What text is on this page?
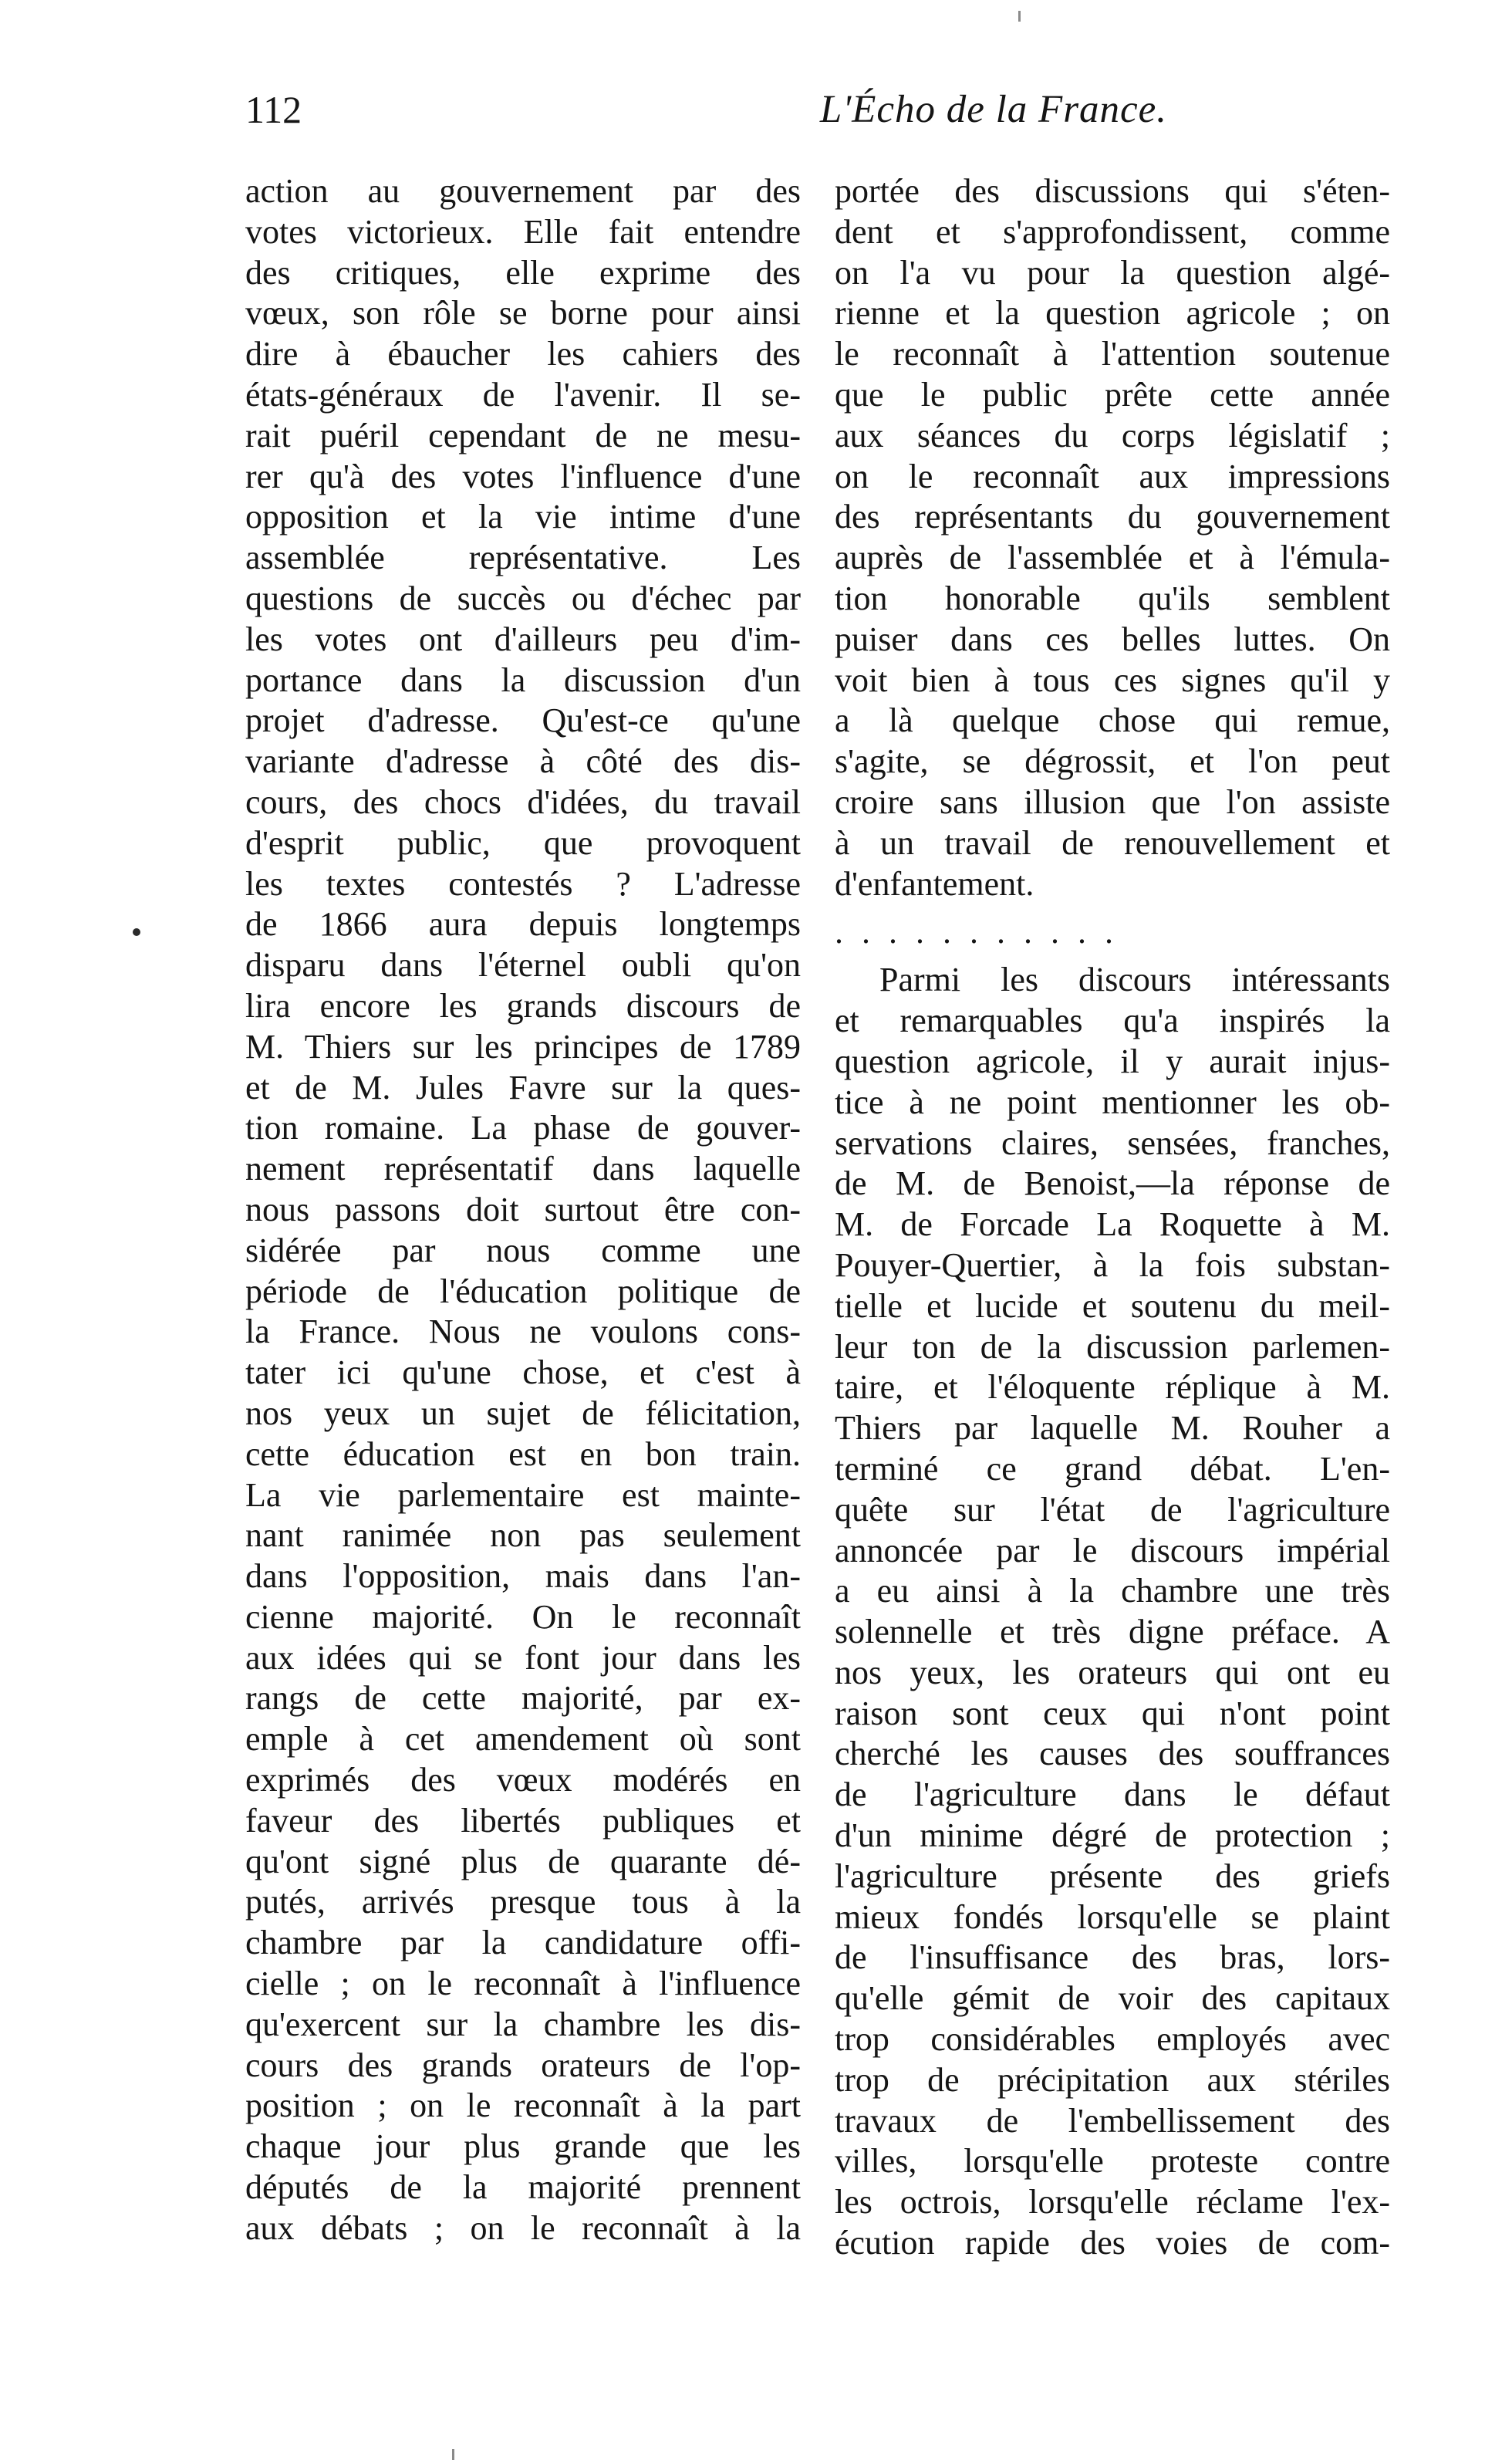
112	L'Écho de la France.
action au gouvernement par des
votes victorieux. Elle fait entendre
des critiques, elle exprime des
vœux, son rôle se borne pour ainsi
dire à ébaucher les cahiers des
états-généraux de l'avenir. Il se-
rait puéril cependant de ne mesu-
rer qu'à des votes l'influence d'une
opposition et la vie intime d'une
assemblée représentative. Les
questions de succès ou d'échec par
les votes ont d'ailleurs peu d'im-
portance dans la discussion d'un
projet d'adresse. Qu'est-ce qu'une
variante d'adresse à côté des dis-
cours, des chocs d'idées, du travail
d'esprit public, que provoquent
les textes contestés ? L'adresse
de 1866 aura depuis longtemps
disparu dans l'éternel oubli qu'on
lira encore les grands discours de
M. Thiers sur les principes de 1789
et de M. Jules Favre sur la ques-
tion romaine. La phase de gouver-
nement représentatif dans laquelle
nous passons doit surtout être con-
sidérée par nous comme une
période de l'éducation politique de
la France. Nous ne voulons cons-
tater ici qu'une chose, et c'est à
nos yeux un sujet de félicitation,
cette éducation est en bon train.
La vie parlementaire est mainte-
nant ranimée non pas seulement
dans l'opposition, mais dans l'an-
cienne majorité. On le reconnaît
aux idées qui se font jour dans les
rangs de cette majorité, par ex-
emple à cet amendement où sont
exprimés des vœux modérés en
faveur des libertés publiques et
qu'ont signé plus de quarante dé-
putés, arrivés presque tous à la
chambre par la candidature offi-
cielle ; on le reconnaît à l'influence
qu'exercent sur la chambre les dis-
cours des grands orateurs de l'op-
position ; on le reconnaît à la part
chaque jour plus grande que les
députés de la majorité prennent
aux débats ; on le reconnaît à la
portée des discussions qui s'éten-
dent et s'approfondissent, comme
on l'a vu pour la question algé-
rienne et la question agricole ; on
le reconnaît à l'attention soutenue
que le public prête cette année
aux séances du corps législatif ;
on le reconnaît aux impressions
des représentants du gouvernement
auprès de l'assemblée et à l'émula-
tion honorable qu'ils semblent
puiser dans ces belles luttes. On
voit bien à tous ces signes qu'il y
a là quelque chose qui remue,
s'agite, se dégrossit, et l'on peut
croire sans illusion que l'on assiste
à un travail de renouvellement et
d'enfantement.
...........
Parmi les discours intéressants
et remarquables qu'a inspirés la
question agricole, il y aurait injus-
tice à ne point mentionner les ob-
servations claires, sensées, franches,
de M. de Benoist,—la réponse de
M. de Forcade La Roquette à M.
Pouyer-Quertier, à la fois substan-
tielle et lucide et soutenu du meil-
leur ton de la discussion parlemen-
taire, et l'éloquente réplique à M.
Thiers par laquelle M. Rouher a
terminé ce grand débat. L'en-
quête sur l'état de l'agriculture
annoncée par le discours impérial
a eu ainsi à la chambre une très
solennelle et très digne préface. A
nos yeux, les orateurs qui ont eu
raison sont ceux qui n'ont point
cherché les causes des souffrances
de l'agriculture dans le défaut
d'un minime dégré de protection ;
l'agriculture présente des griefs
mieux fondés lorsqu'elle se plaint
de l'insuffisance des bras, lors-
qu'elle gémit de voir des capitaux
trop considérables employés avec
trop de précipitation aux stériles
travaux de l'embellissement des
villes, lorsqu'elle proteste contre
les octrois, lorsqu'elle réclame l'ex-
écution rapide des voies de com-
